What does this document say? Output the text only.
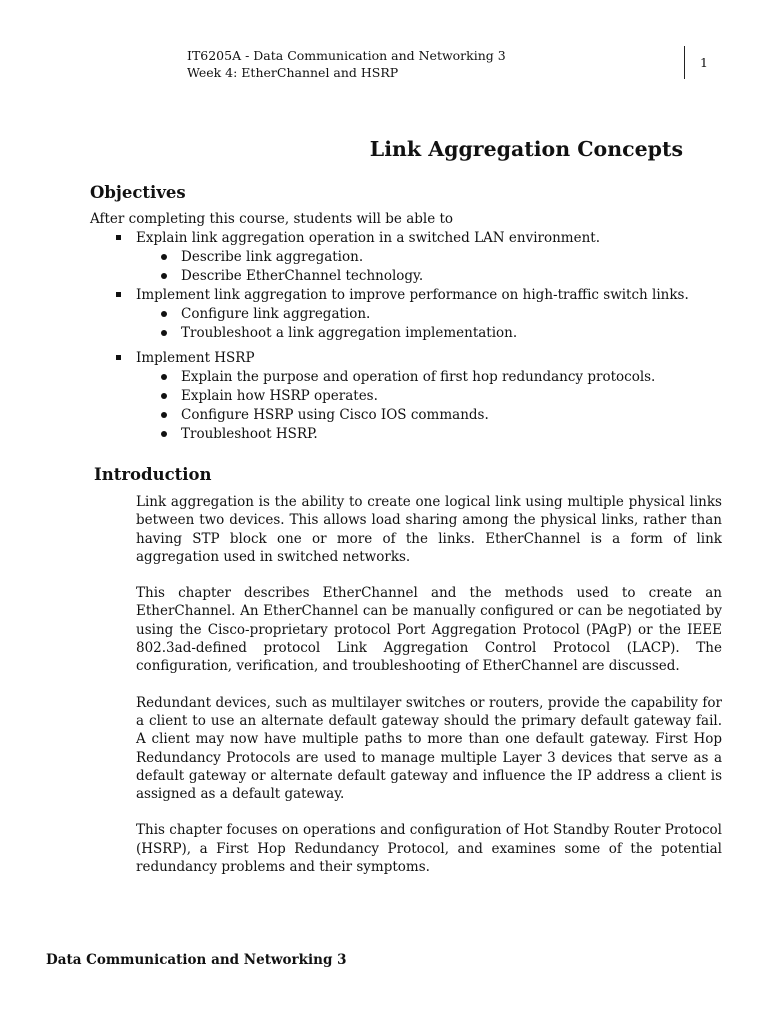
IT6205A - Data Communication and Networking 3
Week 4: EtherChannel and HSRP
1
Link Aggregation Concepts
Objectives
After completing this course, students will be able to
Explain link aggregation operation in a switched LAN environment.
Describe link aggregation.
Describe EtherChannel technology.
Implement link aggregation to improve performance on high-traffic switch links.
Configure link aggregation.
Troubleshoot a link aggregation implementation.
Implement HSRP
Explain the purpose and operation of first hop redundancy protocols.
Explain how HSRP operates.
Configure HSRP using Cisco IOS commands.
Troubleshoot HSRP.
Introduction

Link aggregation is the ability to create one logical link using multiple physical links between two devices. This allows load sharing among the physical links, rather than having STP block one or more of the links. EtherChannel is a form of link aggregation used in switched networks.

This chapter describes EtherChannel and the methods used to create an EtherChannel. An EtherChannel can be manually configured or can be negotiated by using the Cisco-proprietary protocol Port Aggregation Protocol (PAgP) or the IEEE 802.3ad-defined protocol Link Aggregation Control Protocol (LACP). The configuration, verification, and troubleshooting of EtherChannel are discussed.

Redundant devices, such as multilayer switches or routers, provide the capability for a client to use an alternate default gateway should the primary default gateway fail. A client may now have multiple paths to more than one default gateway. First Hop Redundancy Protocols are used to manage multiple Layer 3 devices that serve as a default gateway or alternate default gateway and influence the IP address a client is assigned as a default gateway.

This chapter focuses on operations and configuration of Hot Standby Router Protocol (HSRP), a First Hop Redundancy Protocol, and examines some of the potential redundancy problems and their symptoms.

Data Communication and Networking 3
